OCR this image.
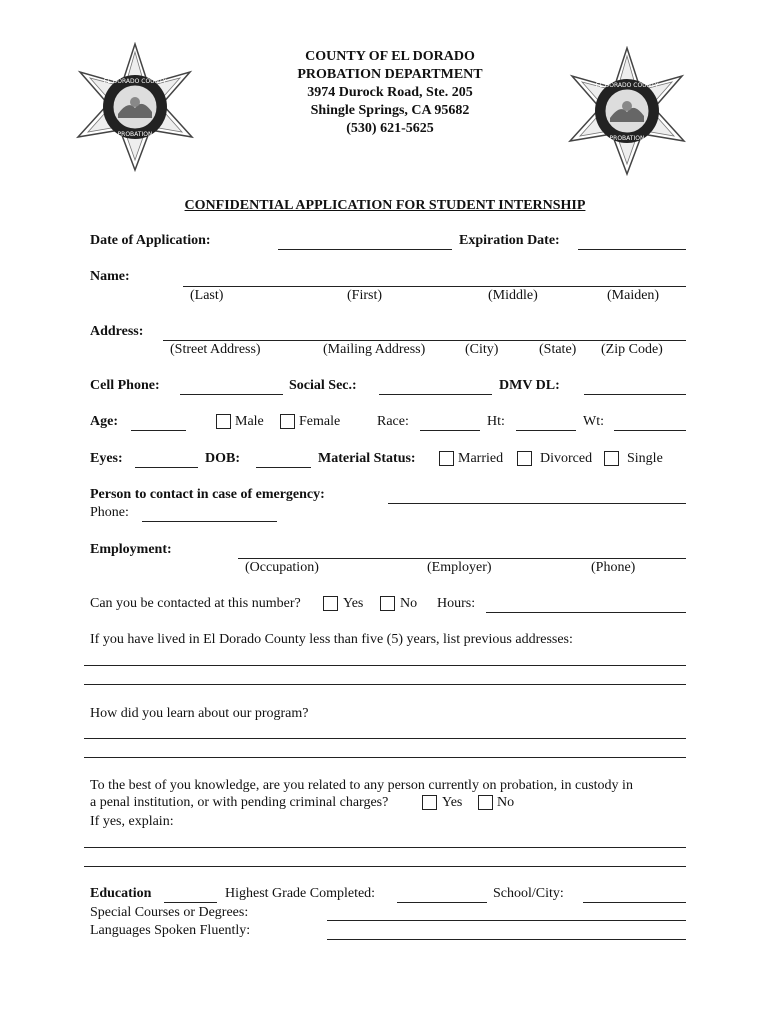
EL DORADO COUNTY
PROBATION
EL DORADO COUNTY
PROBATION
COUNTY OF EL DORADO
PROBATION DEPARTMENT
3974 Durock Road, Ste. 205
Shingle Springs, CA 95682
(530) 621-5625
CONFIDENTIAL APPLICATION FOR STUDENT INTERNSHIP
Date of Application:	Expiration Date:
Name:
(Last)	(First)	(Middle)	(Maiden)
Address:
(Street Address)	(Mailing Address)	(City)	(State) (Zip Code)
Cell Phone:	Social Sec.:	DMV DL:
Age:	Male	Female	Race:	Ht:	Wt:
Eyes:	DOB:	Material Status:	Married	Divorced Single
Person to contact in case of emergency:
Phone:
Employment:
(Occupation)	(Employer)	(Phone)
Can you be contacted at this number?	Yes	No Hours:
If you have lived in El Dorado County less than five (5) years, list previous addresses:
How did you learn about our program?
To the best of you knowledge, are you related to any person currently on probation, in custody in
a penal institution, or with pending criminal charges?	Yes No
If yes, explain:
Education	Highest Grade Completed:	School/City:
Special Courses or Degrees:
Languages Spoken Fluently:
